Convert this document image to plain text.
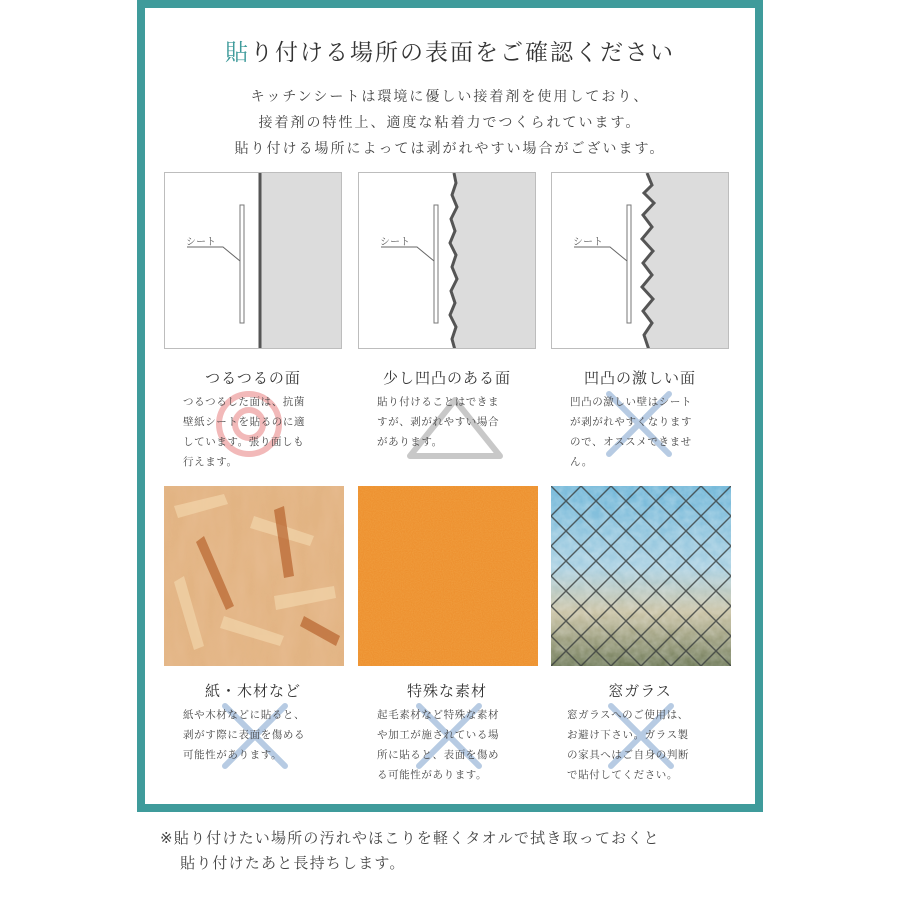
貼り付ける場所の表面をご確認ください
キッチンシートは環境に優しい接着剤を使用しており、
接着剤の特性上、適度な粘着力でつくられています。
貼り付ける場所によっては剥がれやすい場合がございます。
シート	シート	シート
つるつるの面	少し凹凸のある面	凹凸の激しい面
つるつるした面は、抗菌
壁紙シートを貼るのに適
しています。張り面しも
行えます。
貼り付けることはできま
すが、剥がれやすい場合
があります。
凹凸の激しい壁はシート
が剥がれやすくなります
ので、オススメできませ
ん。
紙・木材など	特殊な素材	窓ガラス
紙や木材などに貼ると、
剥がす際に表面を傷める
可能性があります。
起毛素材など特殊な素材
や加工が施されている場
所に貼ると、表面を傷め
る可能性があります。
窓ガラスへのご使用は、
お避け下さい。ガラス製
の家具へはご自身の判断
で貼付してください。
※貼り付けたい場所の汚れやほこりを軽くタオルで拭き取っておくと
貼り付けたあと長持ちします。
